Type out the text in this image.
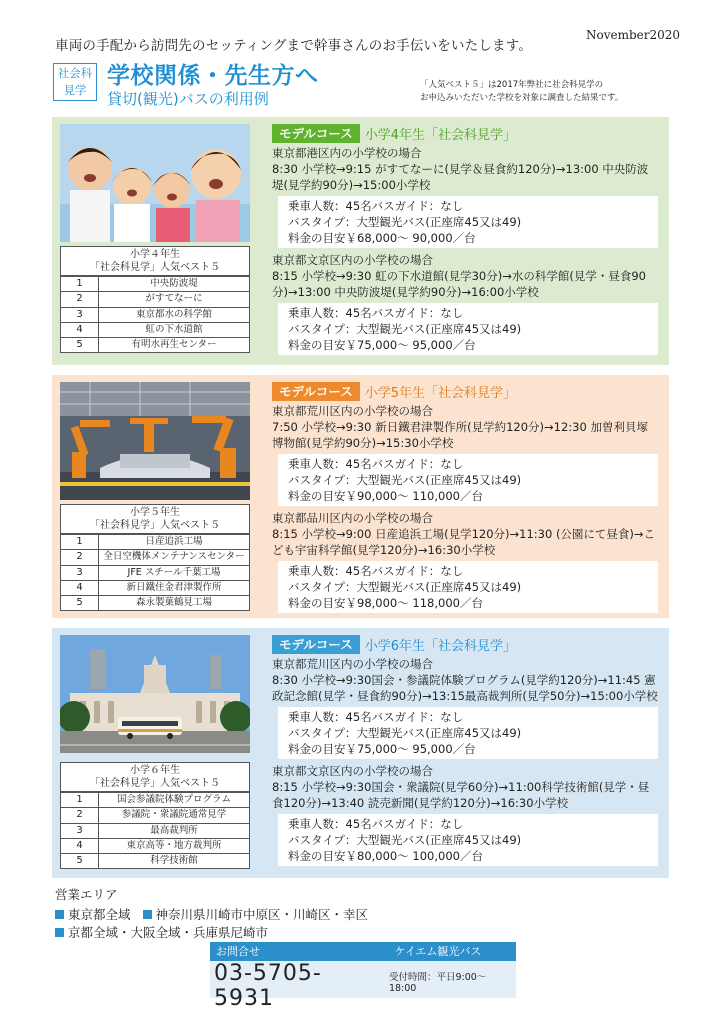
車両の手配から訪問先のセッティングまで幹事さんのお手伝いをいたします。
November2020
社会科
見学
学校関係・先生方へ
貸切(観光)バスの利用例
「人気ベスト５」は2017年弊社に社会科見学の
お申込みいただいた学校を対象に調査した結果です。
小学４年生
「社会科見学」人気ベスト５
1	中央防波堤
2	がすてなーに
3	東京都水の科学館
4	虹の下水道館
5	有明水再生センター
モデルコース 小学4年生「社会科見学」
東京都港区内の小学校の場合
8:30 小学校→9:15 がすてなーに(見学＆昼食約120分)→13:00 中央防波堤(見学約90分)→15:00小学校
乗車人数：45名バスガイド：なし
バスタイプ：大型観光バス(正座席45又は49)
料金の目安￥68,000～ 90,000／台
東京都文京区内の小学校の場合
8:15 小学校→9:30 虹の下水道館(見学30分)→水の科学館(見学・昼食90分)→13:00 中央防波堤(見学約90分)→16:00小学校
乗車人数：45名バスガイド：なし
バスタイプ：大型観光バス(正座席45又は49)
料金の目安￥75,000～ 95,000／台
小学５年生
「社会科見学」人気ベスト５
1	日産追浜工場
2	全日空機体メンテナンスセンター
3	JFE スチール千葉工場
4	新日鐵住金君津製作所
5	森永製菓鶴見工場
モデルコース 小学5年生「社会科見学」
東京都荒川区内の小学校の場合
7:50 小学校→9:30 新日鐵君津製作所(見学約120分)→12:30 加曽利貝塚博物館(見学約90分)→15:30小学校
乗車人数：45名バスガイド：なし
バスタイプ：大型観光バス(正座席45又は49)
料金の目安￥90,000～ 110,000／台
東京都品川区内の小学校の場合
8:15 小学校→9:00 日産追浜工場(見学120分)→11:30 (公園にて昼食)→こども宇宙科学館(見学120分)→16:30小学校
乗車人数：45名バスガイド：なし
バスタイプ：大型観光バス(正座席45又は49)
料金の目安￥98,000～ 118,000／台
小学６年生
「社会科見学」人気ベスト５
1	国会参議院体験プログラム
2	参議院・衆議院通常見学
3	最高裁判所
4	東京高等・地方裁判所
5	科学技術館
モデルコース 小学6年生「社会科見学」
東京都荒川区内の小学校の場合
8:30 小学校→9:30国会・参議院体験プログラム(見学約120分)→11:45 憲政記念館(見学・昼食約90分)→13:15最高裁判所(見学50分)→15:00小学校
乗車人数：45名バスガイド：なし
バスタイプ：大型観光バス(正座席45又は49)
料金の目安￥75,000～ 95,000／台
東京都文京区内の小学校の場合
8:15 小学校→9:30国会・衆議院(見学60分)→11:00科学技術館(見学・昼食120分)→13:40 読売新聞(見学約120分)→16:30小学校
乗車人数：45名バスガイド：なし
バスタイプ：大型観光バス(正座席45又は49)
料金の目安￥80,000～ 100,000／台
営業エリア
東京都全域 神奈川県川崎市中原区・川崎区・幸区
京都全域・大阪全域・兵庫県尼崎市
お問合せ	ケイエム観光バス
03-5705-5931
受付時間：平日9:00～ 18:00
